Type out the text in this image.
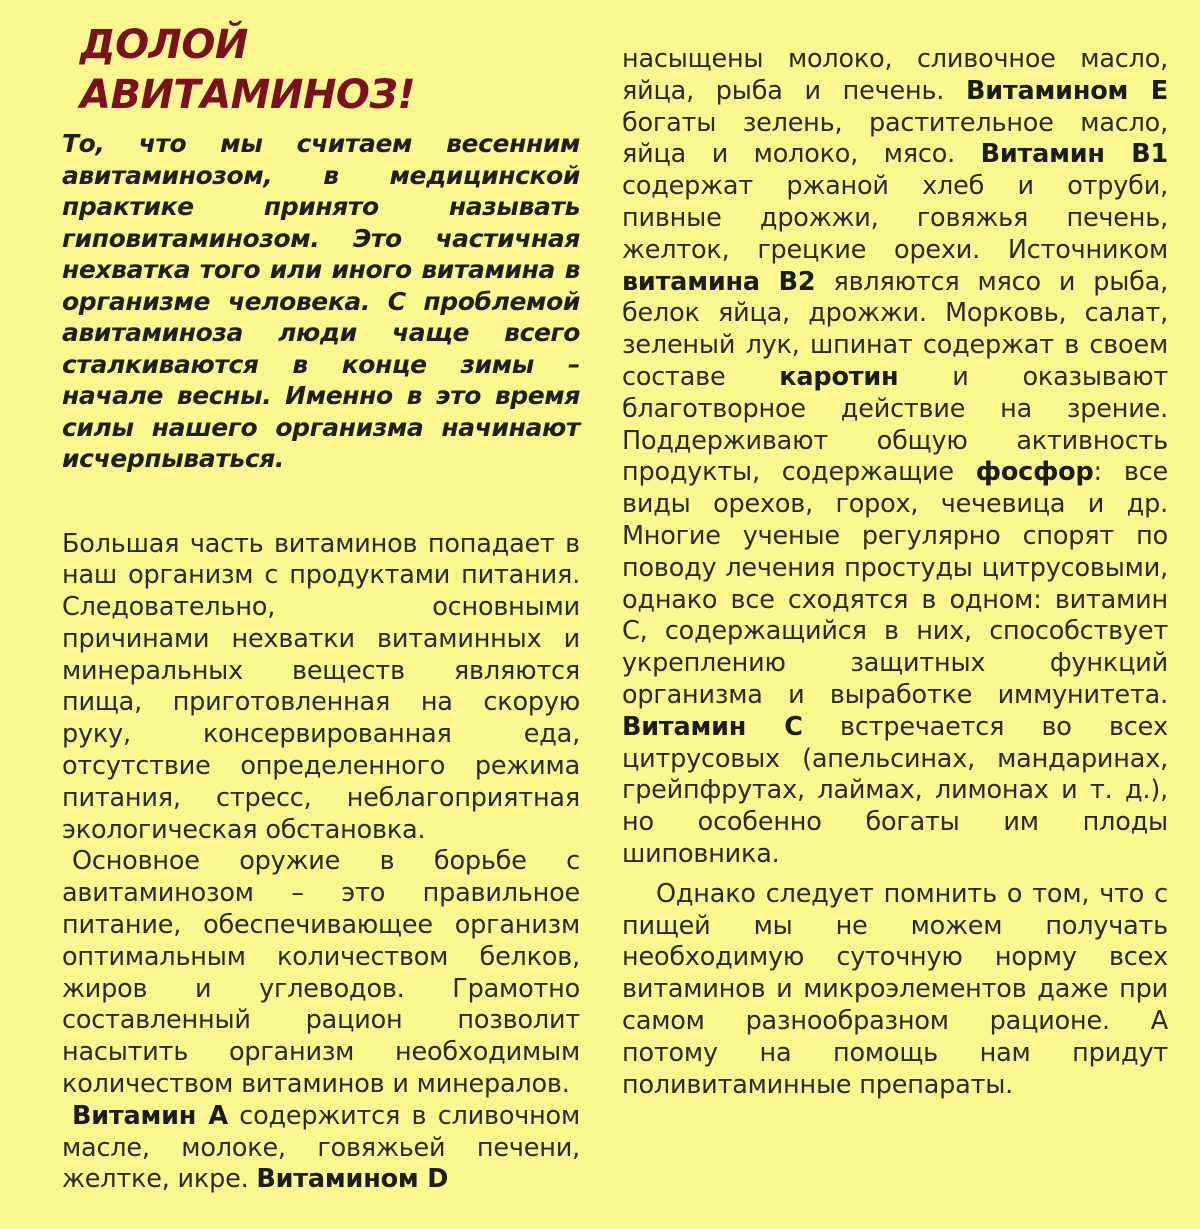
ДОЛОЙ АВИТАМИНОЗ!

То, что мы считаем весенним авитаминозом, в медицинской практике принято называть гиповитаминозом. Это частичная нехватка того или иного витамина в организме человека. С проблемой авитаминоза люди чаще всего сталкиваются в конце зимы – начале весны. Именно в это время силы нашего организма начинают исчерпываться.

Большая часть витаминов попадает в наш организм с продуктами питания. Следовательно, основными причинами нехватки витаминных и минеральных веществ являются пища, приготовленная на скорую руку, консервированная еда, отсутствие определенного режима питания, стресс, неблагоприятная экологическая обстановка.

Основное оружие в борьбе с авитаминозом – это правильное питание, обеспечивающее организм оптимальным количеством белков, жиров и углеводов. Грамотно составленный рацион позволит насытить организм необходимым количеством витаминов и минералов.

Витамин А содержится в сливочном масле, молоке, говяжьей печени, желтке, икре. Витамином D

насыщены молоко, сливочное масло, яйца, рыба и печень. Витамином Е богаты зелень, растительное масло, яйца и молоко, мясо. Витамин В1 содержат ржаной хлеб и отруби, пивные дрожжи, говяжья печень, желток, грецкие орехи. Источником витамина В2 являются мясо и рыба, белок яйца, дрожжи. Морковь, салат, зеленый лук, шпинат содержат в своем составе каротин и оказывают благотворное действие на зрение. Поддерживают общую активность продукты, содержащие фосфор: все виды орехов, горох, чечевица и др. Многие ученые регулярно спорят по поводу лечения простуды цитрусовыми, однако все сходятся в одном: витамин С, содержащийся в них, способствует укреплению защитных функций организма и выработке иммунитета. Витамин С встречается во всех цитрусовых (апельсинах, мандаринах, грейпфрутах, лаймах, лимонах и т. д.), но особенно богаты им плоды шиповника.

Однако следует помнить о том, что с пищей мы не можем получать необходимую суточную норму всех витаминов и микроэлементов даже при самом разнообразном рационе. А потому на помощь нам придут поливитаминные препараты.
